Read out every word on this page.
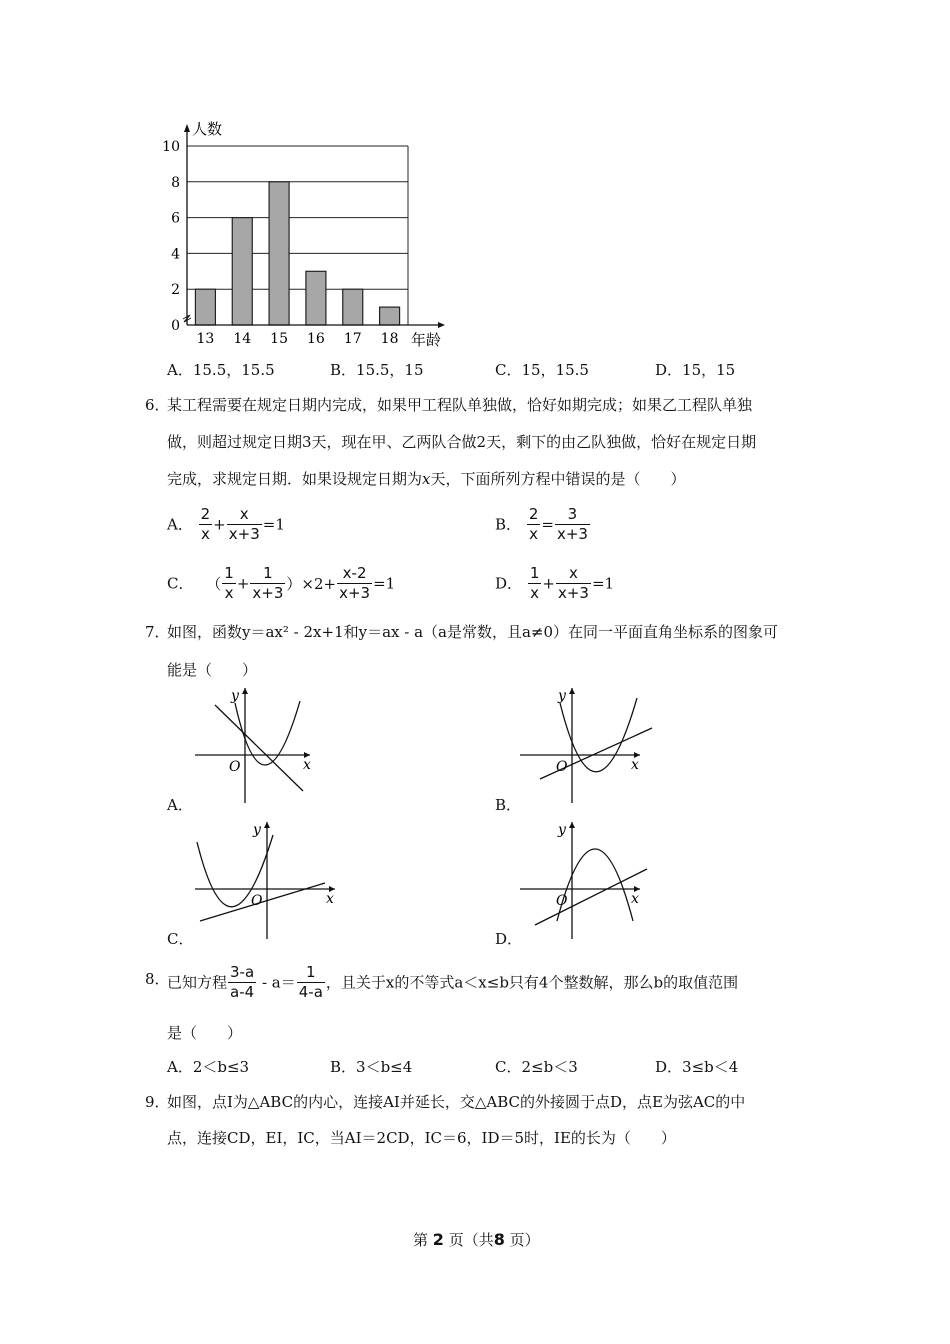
0
2
4
6
8
10
13 14 15 16 17 18
人数
年龄
A．15.5，15.5	B．15.5，15	C．15，15.5	D．15，15
6．
某工程需要在规定日期内完成，如果甲工程队单独做，恰好如期完成；如果乙工程队单独
做，则超过规定日期3天，现在甲、乙两队合做2天，剩下的由乙队独做，恰好在规定日期
完成，求规定日期．如果设规定日期为x天，下面所列方程中错误的是（　　）
A． $\frac{2}{x} + \frac{x}{x+3} =1$	B． $\frac{2}{x} = \frac{3}{x+3}$
C． （ $\frac{1}{x} + \frac{1}{x+3} )\times 2+ \frac{x-2}{x+3} =1$	D． $\frac{1}{x} + \frac{x}{x+3} =1$
7．
如图，函数y＝ax² - 2x+1和y＝ax - a（a是常数，且a≠0）在同一平面直角坐标系的图象可
能是（　　）
y
x
O
A．
y
x
O
B．
y
x
O
C．
y
x
O
D．
8．
已知方程 $\frac{3-a}{a-4} - a= \frac{1}{4-a}$ ，且关于x的不等式a＜x≤b只有4个整数解，那么b的取值范围
是（　　）
A．2＜b≤3	B．3＜b≤4	C．2≤b＜3	D．3≤b＜4
9．
如图，点I为△ABC的内心，连接AI并延长，交△ABC的外接圆于点D，点E为弦AC的中
点，连接CD，EI，IC，当AI＝2CD，IC＝6，ID＝5时，IE的长为（　　）
第 2 页（共8 页）
